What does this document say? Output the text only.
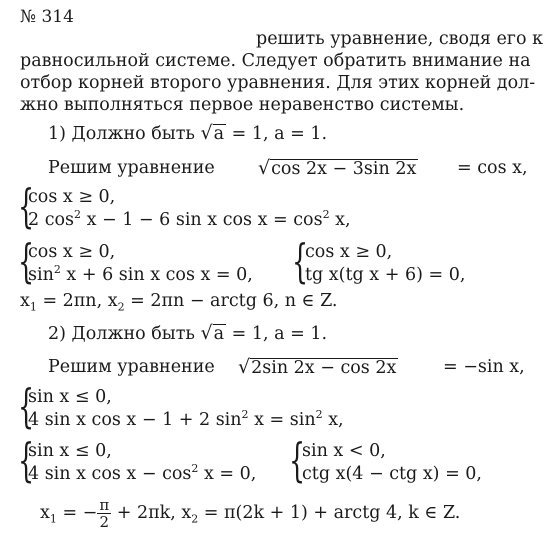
№ 314
решить уравнение, сводя его к
равносильной системе. Следует обратить внимание на
отбор корней второго уравнения. Для этих корней дол-
жно выполняться первое неравенство системы.
1) Должно быть √a = 1, a = 1.
Решим уравнение √cos 2x − 3sin 2x = cos x,
{
cos x ≥ 0,
2 $\cos^2 x - 1 - 6$ sin x $\cos x = \cos^2 x$,
{
cos x ≥ 0,
$\sin^2 x + 6$ sin x cos x = 0, {
cos x ≥ 0,
tg x(tg x + 6) = 0,
$x_1 = 2\pi n$, $x_2 = 2\pi n$ − arctg 6, n ∈ Z.
2) Должно быть √a = 1, a = 1.
Решим уравнение √2sin 2x − cos 2x	= −sin x,
{
sin x ≤ 0,
4 sin x cos x − 1 + 2 $\sin^2 x = \sin^2 x$,
{
sin x ≤ 0,
4 sin x $\cos x - \cos^2 x = 0$, {
sin x < 0,
ctg x(4 − ctg x) = 0,
$x_1$ = − $\frac{\pi}{2} + 2\pi k$, $x_2 = \pi(2k + 1)$ + arctg 4, k ∈ Z.
